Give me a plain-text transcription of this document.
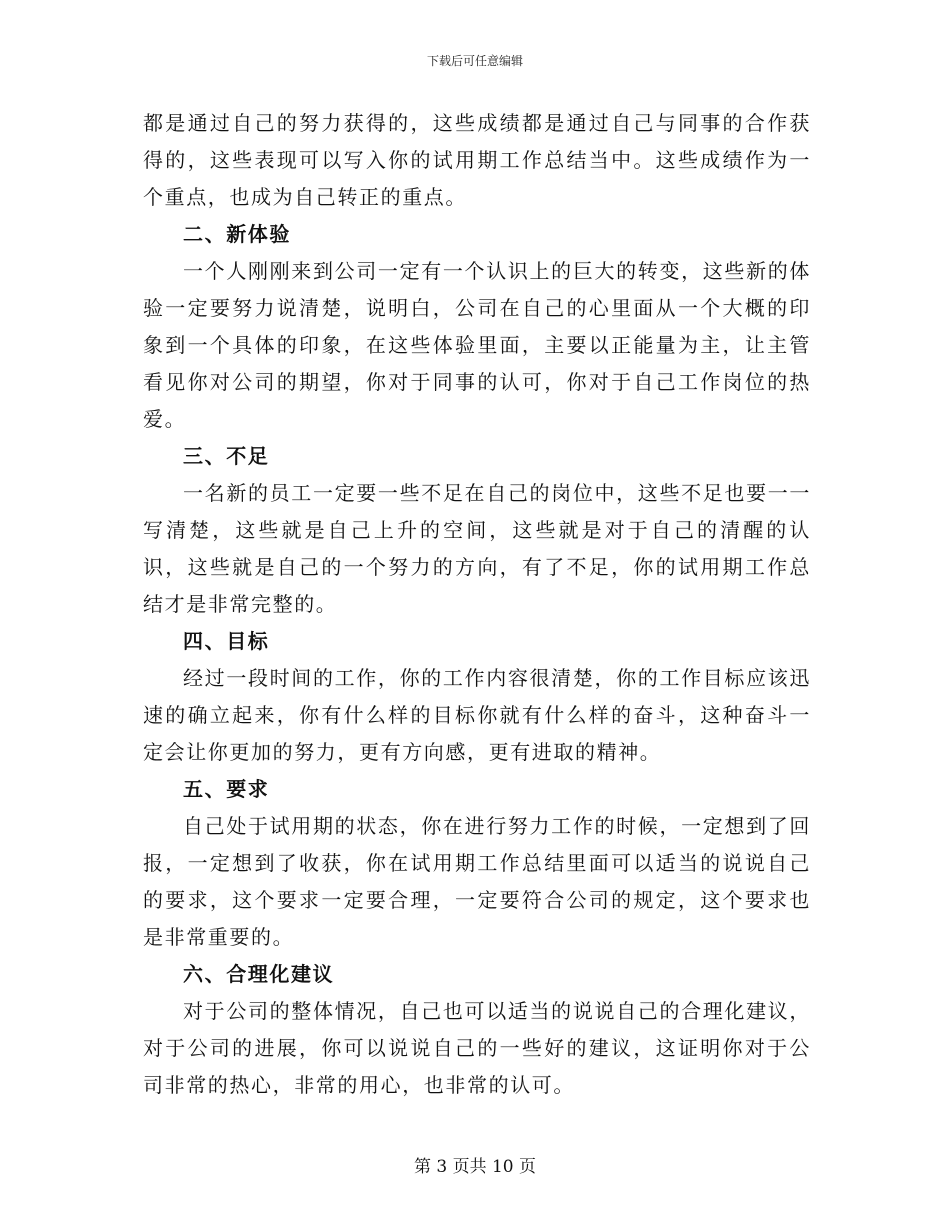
下载后可任意编辑

都是通过自己的努力获得的，这些成绩都是通过自己与同事的合作获得的，这些表现可以写入你的试用期工作总结当中。这些成绩作为一个重点，也成为自己转正的重点。

二、新体验

一个人刚刚来到公司一定有一个认识上的巨大的转变，这些新的体验一定要努力说清楚，说明白，公司在自己的心里面从一个大概的印象到一个具体的印象，在这些体验里面，主要以正能量为主，让主管看见你对公司的期望，你对于同事的认可，你对于自己工作岗位的热爱。

三、不足

一名新的员工一定要一些不足在自己的岗位中，这些不足也要一一写清楚，这些就是自己上升的空间，这些就是对于自己的清醒的认识，这些就是自己的一个努力的方向，有了不足，你的试用期工作总结才是非常完整的。

四、目标

经过一段时间的工作，你的工作内容很清楚，你的工作目标应该迅速的确立起来，你有什么样的目标你就有什么样的奋斗，这种奋斗一定会让你更加的努力，更有方向感，更有进取的精神。

五、要求

自己处于试用期的状态，你在进行努力工作的时候，一定想到了回报，一定想到了收获，你在试用期工作总结里面可以适当的说说自己的要求，这个要求一定要合理，一定要符合公司的规定，这个要求也是非常重要的。

六、合理化建议

对于公司的整体情况，自己也可以适当的说说自己的合理化建议，对于公司的进展，你可以说说自己的一些好的建议，这证明你对于公司非常的热心，非常的用心，也非常的认可。

第 3 页共 10 页
